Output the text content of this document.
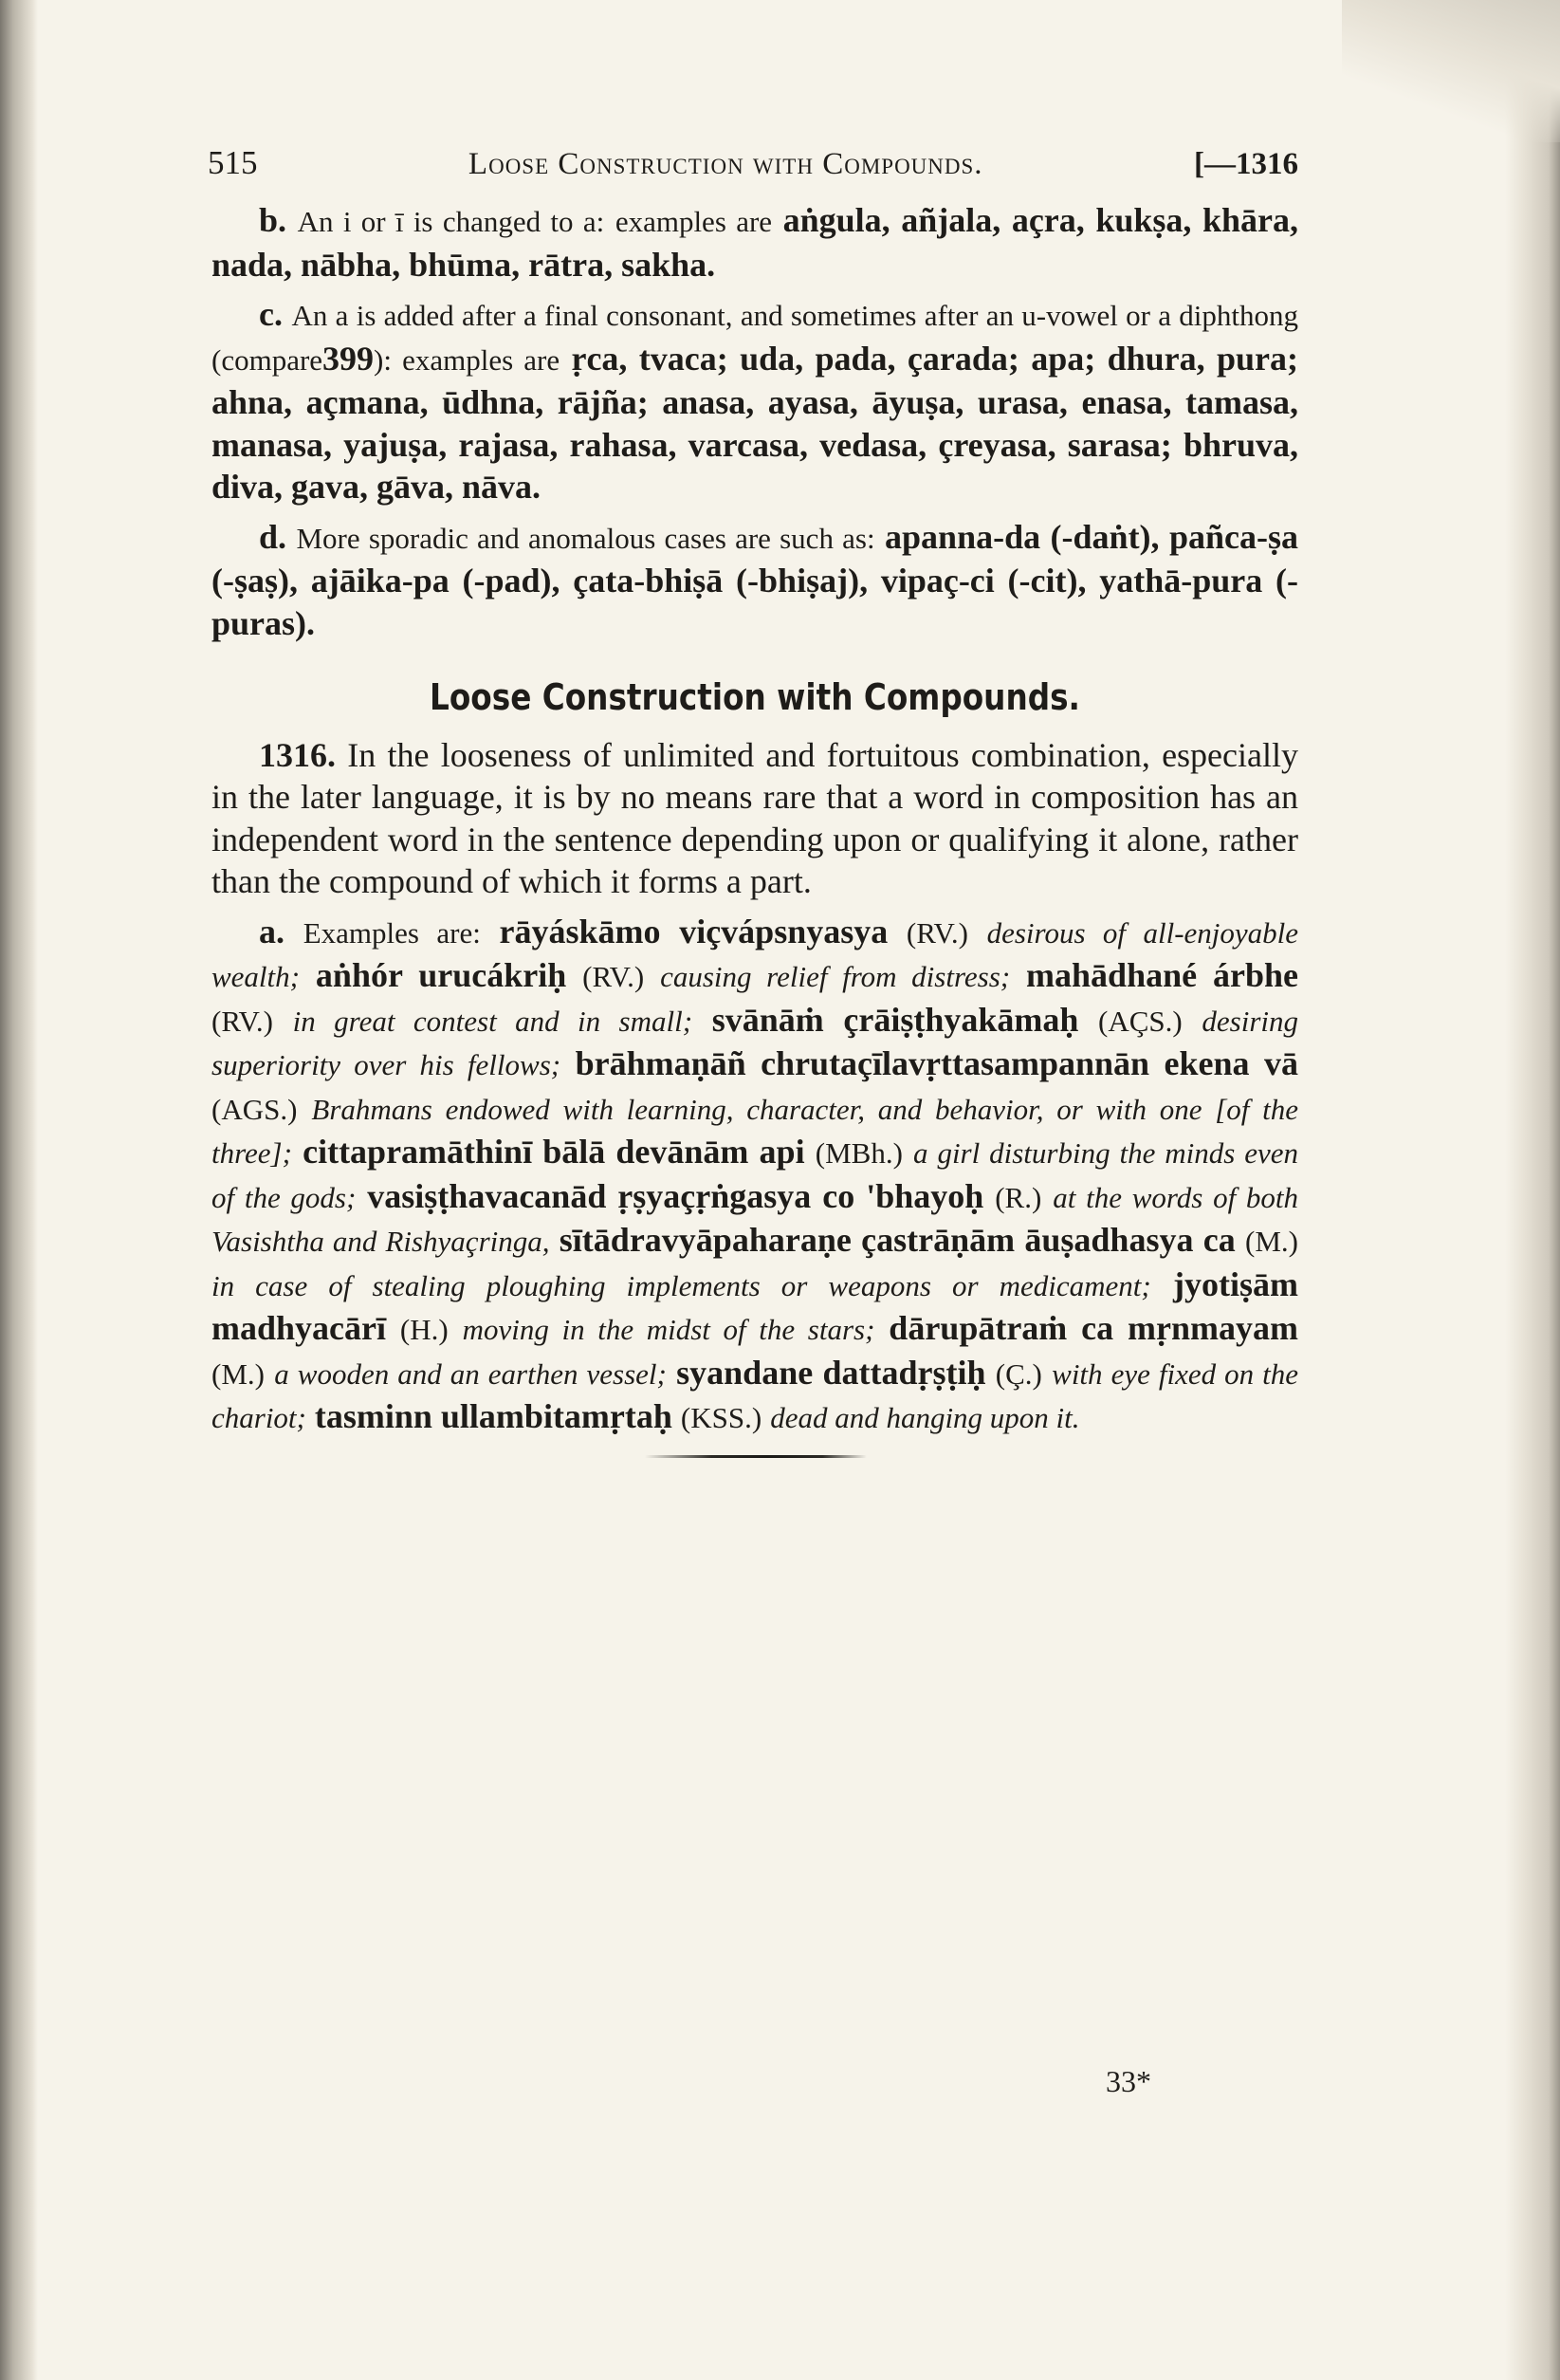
515	Loose Construction with Compounds.	[—1316

b. An i or ī is changed to a: examples are aṅgula, añjala, açra, kukṣa, khāra, nada, nābha, bhūma, rātra, sakha.

c. An a is added after a final consonant, and sometimes after an u-vowel or a diphthong (compare399): examples are ṛca, tvaca; uda, pada, çarada; apa; dhura, pura; ahna, açmana, ūdhna, rājña; anasa, ayasa, āyuṣa, urasa, enasa, tamasa, manasa, yajuṣa, rajasa, rahasa, varcasa, vedasa, çreyasa, sarasa; bhruva, diva, gava, gāva, nāva.

d. More sporadic and anomalous cases are such as: apanna-da (-daṅt), pañca-ṣa (-ṣaṣ), ajāika-pa (-pad), çata-bhiṣā (-bhiṣaj), vipaç-ci (-cit), yathā-pura (-puras).

Loose Construction with Compounds.

1316. In the looseness of unlimited and fortuitous combination, especially in the later language, it is by no means rare that a word in composition has an independent word in the sentence depending upon or qualifying it alone, rather than the compound of which it forms a part.

a. Examples are: rāyáskāmo viçvápsnyasya (RV.) desirous of all-enjoyable wealth; aṅhór urucákriḥ (RV.) causing relief from distress; mahādhané árbhe (RV.) in great contest and in small; svānāṁ çrāiṣṭhyakāmaḥ (AÇS.) desiring superiority over his fellows; brāhmaṇāñ chrutaçīlavṛttasampannān ekena vā (AGS.) Brahmans endowed with learning, character, and behavior, or with one [of the three]; cittapramāthinī bālā devānām api (MBh.) a girl disturbing the minds even of the gods; vasiṣṭhavacanād ṛṣyaçṛṅgasya co 'bhayoḥ (R.) at the words of both Vasishtha and Rishyaçringa, sītādravyāpaharaṇe çastrāṇām āuṣadhasya ca (M.) in case of stealing ploughing implements or weapons or medicament; jyotiṣām madhyacārī (H.) moving in the midst of the stars; dārupātraṁ ca mṛnmayam (M.) a wooden and an earthen vessel; syandane dattadṛṣṭiḥ (Ç.) with eye fixed on the chariot; tasminn ullambitamṛtaḥ (KSS.) dead and hanging upon it.

33*
